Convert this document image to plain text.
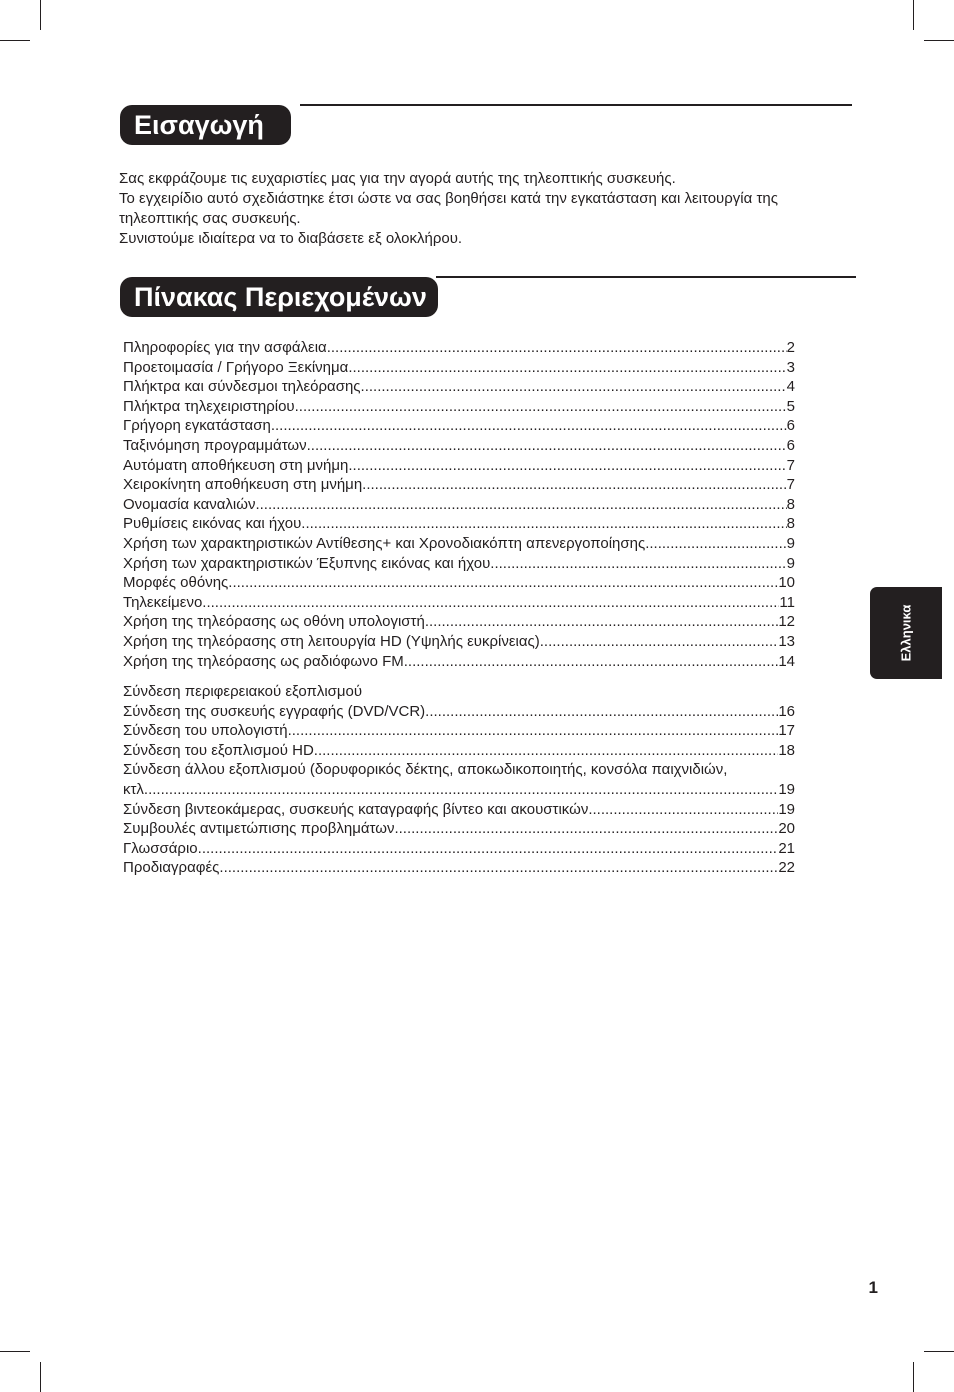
Εισαγωγή

Σας εκφράζουμε τις ευχαριστίες μας για την αγορά αυτής της τηλεοπτικής συσκευής.

Το εγχειρίδιο αυτό σχεδιάστηκε έτσι ώστε να σας βοηθήσει κατά την εγκατάσταση και λειτουργία της τηλεοπτικής σας συσκευής.

Συνιστούμε ιδιαίτερα να το διαβάσετε εξ ολοκλήρου.

Πίνακας Περιεχομένων
Πληροφορίες για την ασφάλεια .....	2
Προετοιμασία / Γρήγορο Ξεκίνημα .....	3
Πλήκτρα και σύνδεσμοι τηλεόρασης .....	4
Πλήκτρα τηλεχειριστηρίου .....	5
Γρήγορη εγκατάσταση .....	6
Ταξινόμηση προγραμμάτων .....	6
Αυτόματη αποθήκευση στη μνήμη .....	7
Χειροκίνητη αποθήκευση στη μνήμη .....	7
Ονομασία καναλιών .....	8
Ρυθμίσεις εικόνας και ήχου .....	8
Χρήση των χαρακτηριστικών Αντίθεσης+ και Χρονοδιακόπτη απενεργοποίησης .....	9
Χρήση των χαρακτηριστικών Έξυπνης εικόνας και ήχου .....	9
Μορφές οθόνης .....	10
Τηλεκείμενο .....	11
Χρήση της τηλεόρασης ως οθόνη υπολογιστή .....	12
Χρήση της τηλεόρασης στη λειτουργία HD (Υψηλής ευκρίνειας) .....	13
Χρήση της τηλεόρασης ως ραδιόφωνο FM .....	14
Σύνδεση περιφερειακού εξοπλισμού
Σύνδεση της συσκευής εγγραφής (DVD/VCR) .....	16
Σύνδεση του υπολογιστή .....	17
Σύνδεση του εξοπλισμού HD .....	18
Σύνδεση άλλου εξοπλισμού (δορυφορικός δέκτης, αποκωδικοποιητής, κονσόλα παιχνιδιών,
κτλ. .....	19
Σύνδεση βιντεοκάμερας, συσκευής καταγραφής βίντεο και ακουστικών .....	19
Συμβουλές αντιμετώπισης προβλημάτων .....	20
Γλωσσάριο .....	21
Προδιαγραφές .....	22
Ελληνικα
1
